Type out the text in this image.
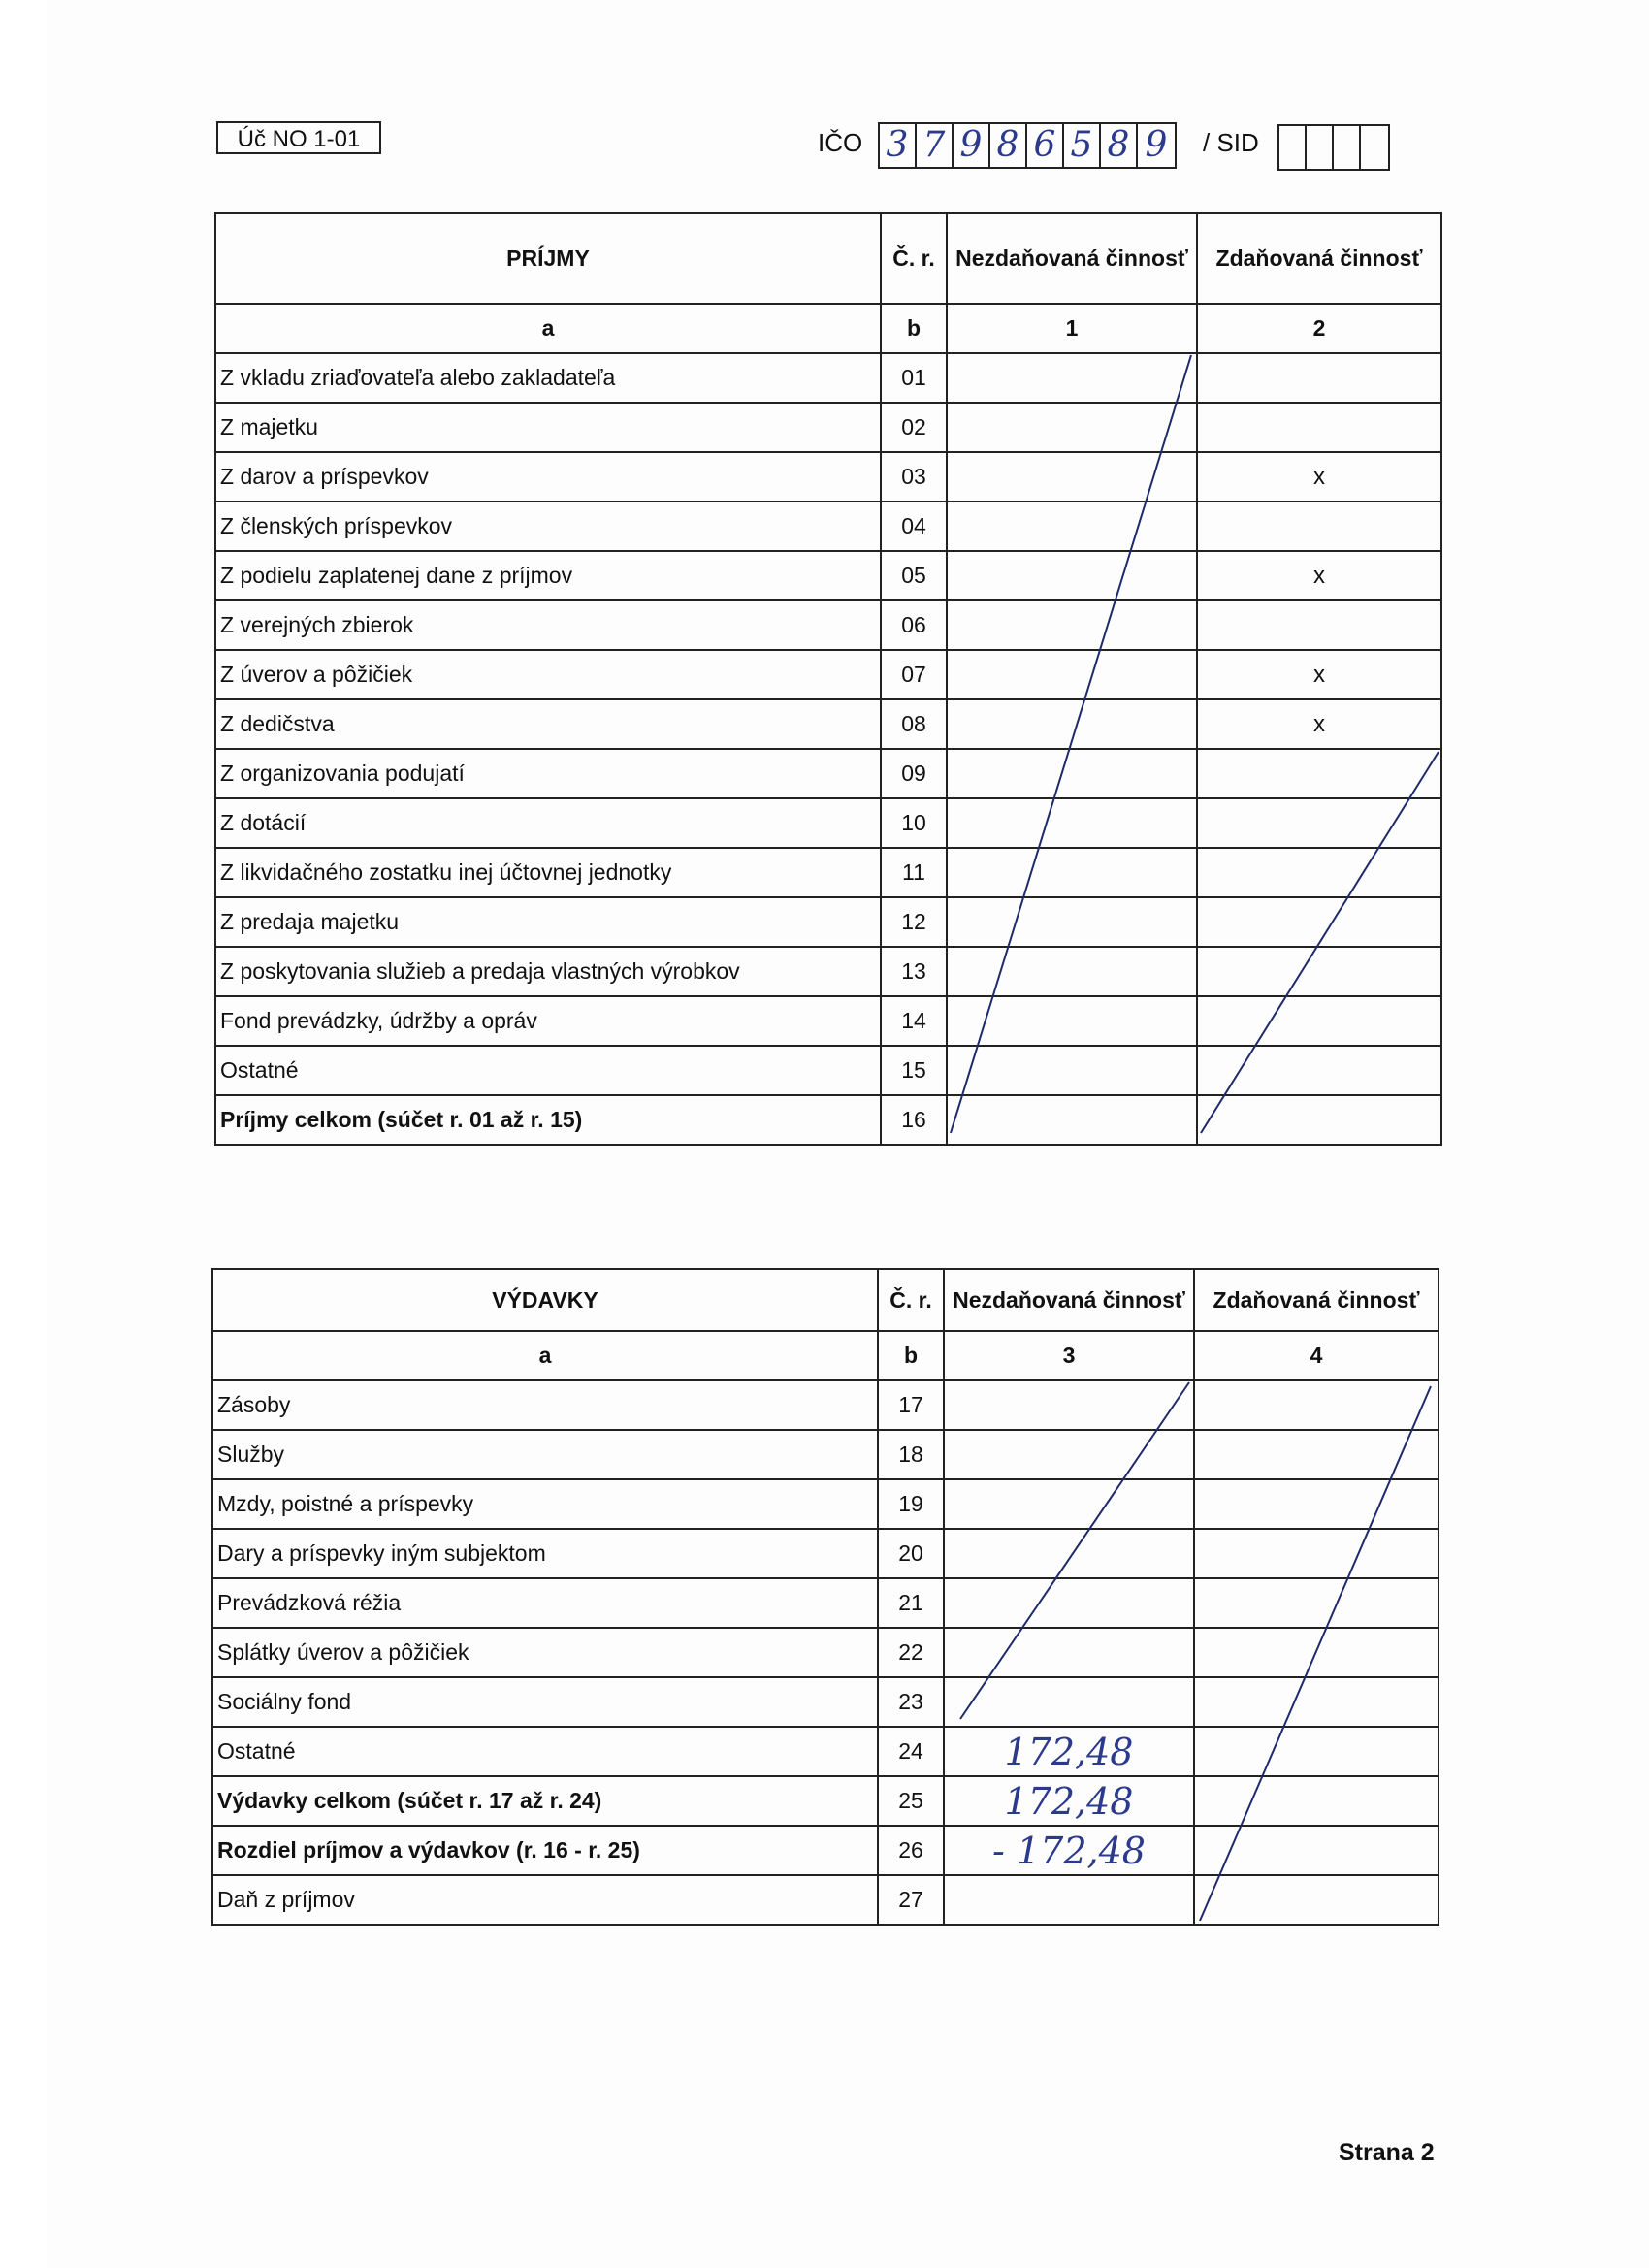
Úč NO 1-01	IČO 3 7 9 8 6 5 8 9 / SID
PRÍJMY	Č. r.	Nezdaňovaná činnosť	Zdaňovaná činnosť
a	b	1	2
Z vkladu zriaďovateľa alebo zakladateľa	01		
Z majetku	02		
Z darov a príspevkov	03		x
Z členských príspevkov	04		
Z podielu zaplatenej dane z príjmov	05		x
Z verejných zbierok	06		
Z úverov a pôžičiek	07		x
Z dedičstva	08		x
Z organizovania podujatí	09		
Z dotácií	10		
Z likvidačného zostatku inej účtovnej jednotky	11		
Z predaja majetku	12		
Z poskytovania služieb a predaja vlastných výrobkov	13		
Fond prevádzky, údržby a opráv	14		
Ostatné	15		
Príjmy celkom (súčet r. 01 až r. 15)	16		
VÝDAVKY	Č. r.	Nezdaňovaná činnosť	Zdaňovaná činnosť
a	b	3	4
Zásoby	17		
Služby	18		
Mzdy, poistné a príspevky	19		
Dary a príspevky iným subjektom	20		
Prevádzková réžia	21		
Splátky úverov a pôžičiek	22		
Sociálny fond	23		
Ostatné	24	172,48	
Výdavky celkom (súčet r. 17 až r. 24)	25	172,48	
Rozdiel príjmov a výdavkov (r. 16 - r. 25)	26	- 172,48	
Daň z príjmov	27		
Strana 2
